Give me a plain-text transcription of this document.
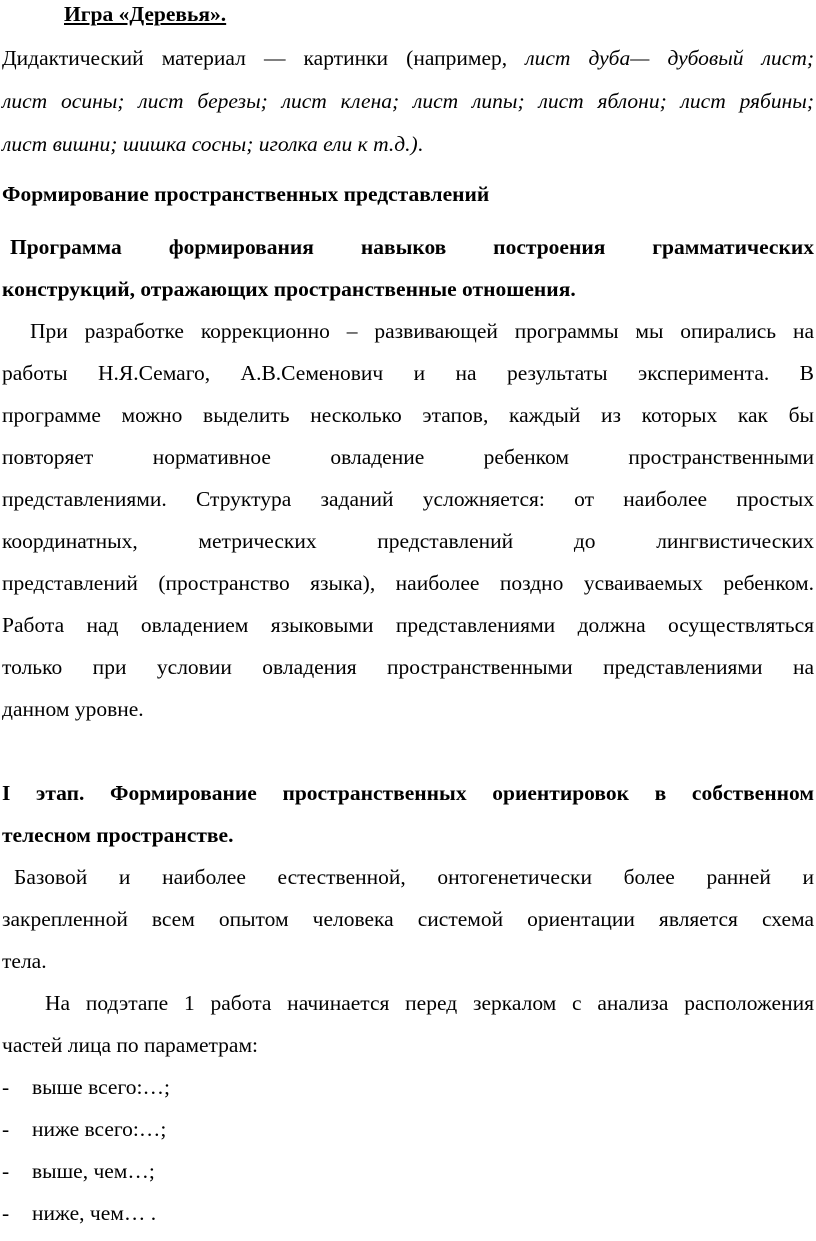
Игра «Деревья».
Дидактический материал — картинки (например, лист дуба— дубовый лист;
лист осины; лист березы; лист клена; лист липы; лист яблони; лист рябины;
лист вишни; шишка сосны; иголка ели к т.д.).
Формирование пространственных представлений
Программа формирования навыков построения грамматических
конструкций, отражающих пространственные отношения.
При разработке коррекционно – развивающей программы мы опирались на
работы Н.Я.Семаго, А.В.Семенович и на результаты эксперимента. В
программе можно выделить несколько этапов, каждый из которых как бы
повторяет нормативное овладение ребенком пространственными
представлениями. Структура заданий усложняется: от наиболее простых
координатных, метрических представлений до лингвистических
представлений (пространство языка), наиболее поздно усваиваемых ребенком.
Работа над овладением языковыми представлениями должна осуществляться
только при условии овладения пространственными представлениями на
данном уровне.
I этап. Формирование пространственных ориентировок в собственном
телесном пространстве.
Базовой и наиболее естественной, онтогенетически более ранней и
закрепленной всем опытом человека системой ориентации является схема
тела.
На подэтапе 1 работа начинается перед зеркалом с анализа расположения
частей лица по параметрам:
- выше всего:…;
- ниже всего:…;
- выше, чем…;
- ниже, чем… .
